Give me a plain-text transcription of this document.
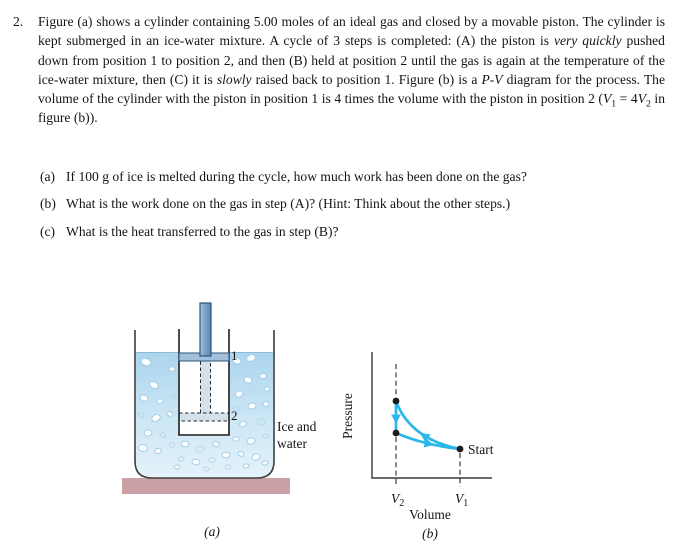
2.	Figure (a) shows a cylinder containing 5.00 moles of an ideal gas and closed by a movable piston. The cylinder is kept submerged in an ice-water mixture. A cycle of 3 steps is completed: (A) the piston is very quickly pushed down from position 1 to position 2, and then (B) held at position 2 until the gas is again at the temperature of the ice-water mixture, then (C) it is slowly raised back to position 1. Figure (b) is a P-V diagram for the process. The volume of the cylinder with the piston in position 1 is 4 times the volume with the piston in position 2 ($V_1 = 4V_2$ in figure (b)).
(a) If 100 g of ice is melted during the cycle, how much work has been done on the gas?
(b) What is the work done on the gas in step (A)? (Hint: Think about the other steps.)
(c) What is the heat transferred to the gas in step (B)?
1
2
Ice and
water
(a)
Start
Pressure
$V_2$	$V_1$
Volume
(b)
